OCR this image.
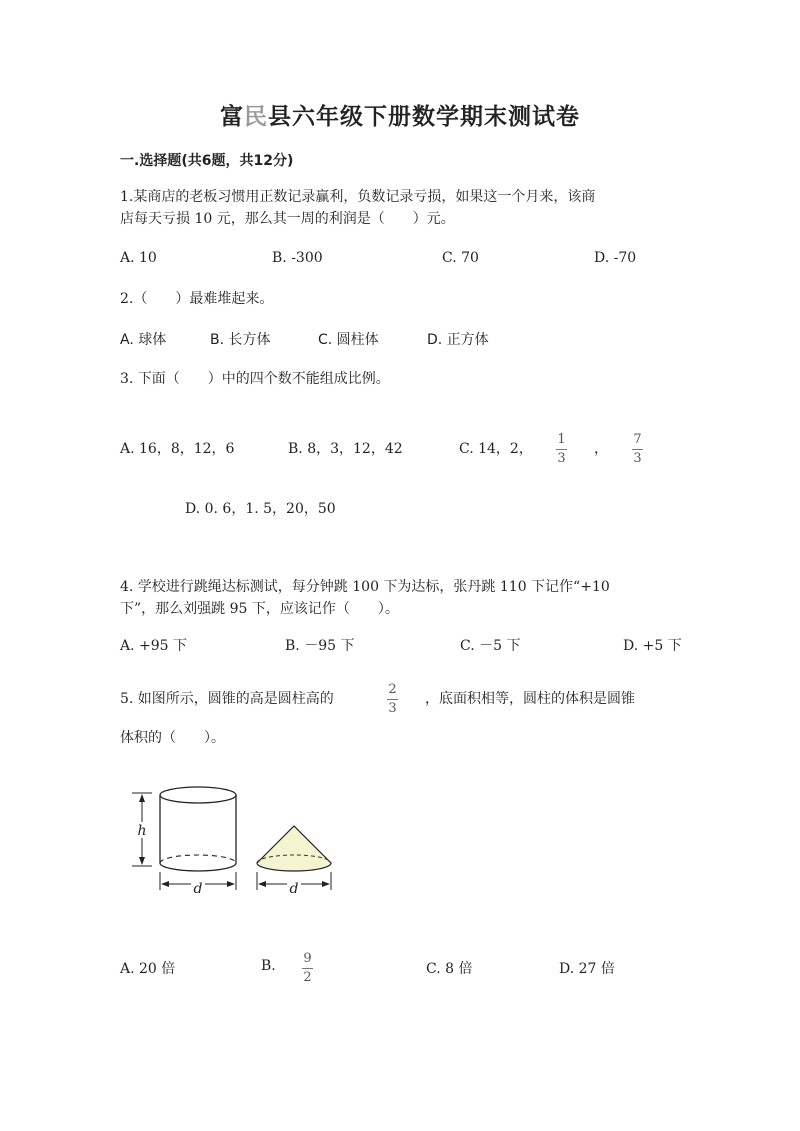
富民县六年级下册数学期末测试卷
一.选择题(共6题，共12分)
1.某商店的老板习惯用正数记录赢利，负数记录亏损，如果这一个月来，该商
店每天亏损 10 元，那么其一周的利润是（　　）元。
A. 10	B. -300	C. 70	D. -70
2.（　　）最难堆起来。
A. 球体	B. 长方体	C. 圆柱体	D. 正方体
3. 下面（　　）中的四个数不能组成比例。
A. 16，8，12，6	B. 8，3，12，42	C. 14，2，
1
3
，
7
3
D. 0. 6，1. 5，20，50
4. 学校进行跳绳达标测试，每分钟跳 100 下为达标，张丹跳 110 下记作“+10
下”，那么刘强跳 95 下，应该记作（　　）。
A. +95 下	B. －95 下	C. －5 下	D. +5 下
5. 如图所示，圆锥的高是圆柱高的
2
3
，底面积相等，圆柱的体积是圆锥
体积的（　　）。
h
d	d
A. 20 倍	B. 9
2
C. 8 倍	D. 27 倍
